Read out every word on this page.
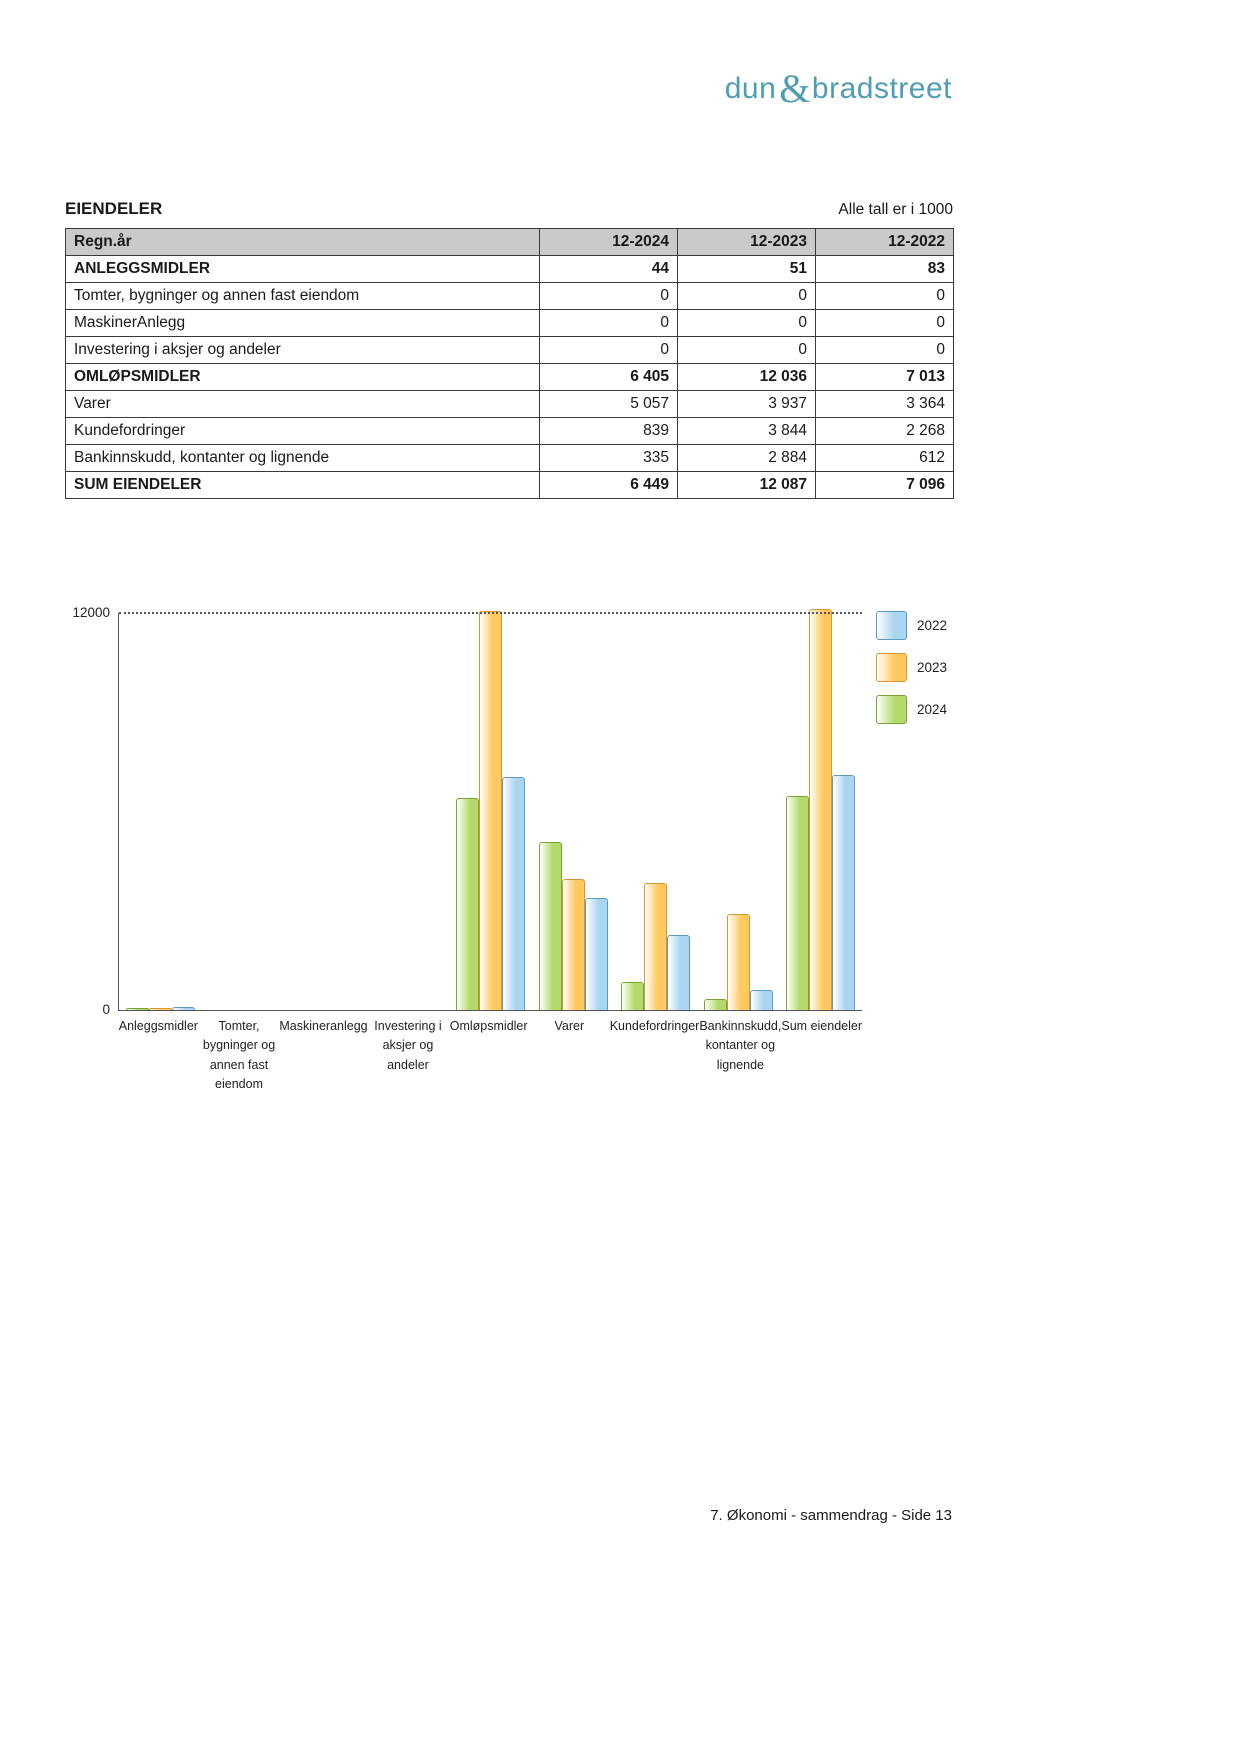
dun&bradstreet
EIENDELER	Alle tall er i 1000
Regn.år	12-2024	12-2023	12-2022
ANLEGGSMIDLER	44	51	83
Tomter, bygninger og annen fast eiendom	0	0	0
MaskinerAnlegg	0	0	0
Investering i aksjer og andeler	0	0	0
OMLØPSMIDLER	6 405	12 036	7 013
Varer	5 057	3 937	3 364
Kundefordringer	839	3 844	2 268
Bankinnskudd, kontanter og lignende	335	2 884	612
SUM EIENDELER	6 449	12 087	7 096
12000
0
Anleggsmidler	Tomter, bygninger og annen fast eiendom
Maskineranlegg Investering i aksjer og andeler
Omløpsmidler	Varer	Kundefordringer Bankinnskudd, kontanter og lignende
Sum eiendeler
2022
2023
2024
7. Økonomi - sammendrag - Side 13
